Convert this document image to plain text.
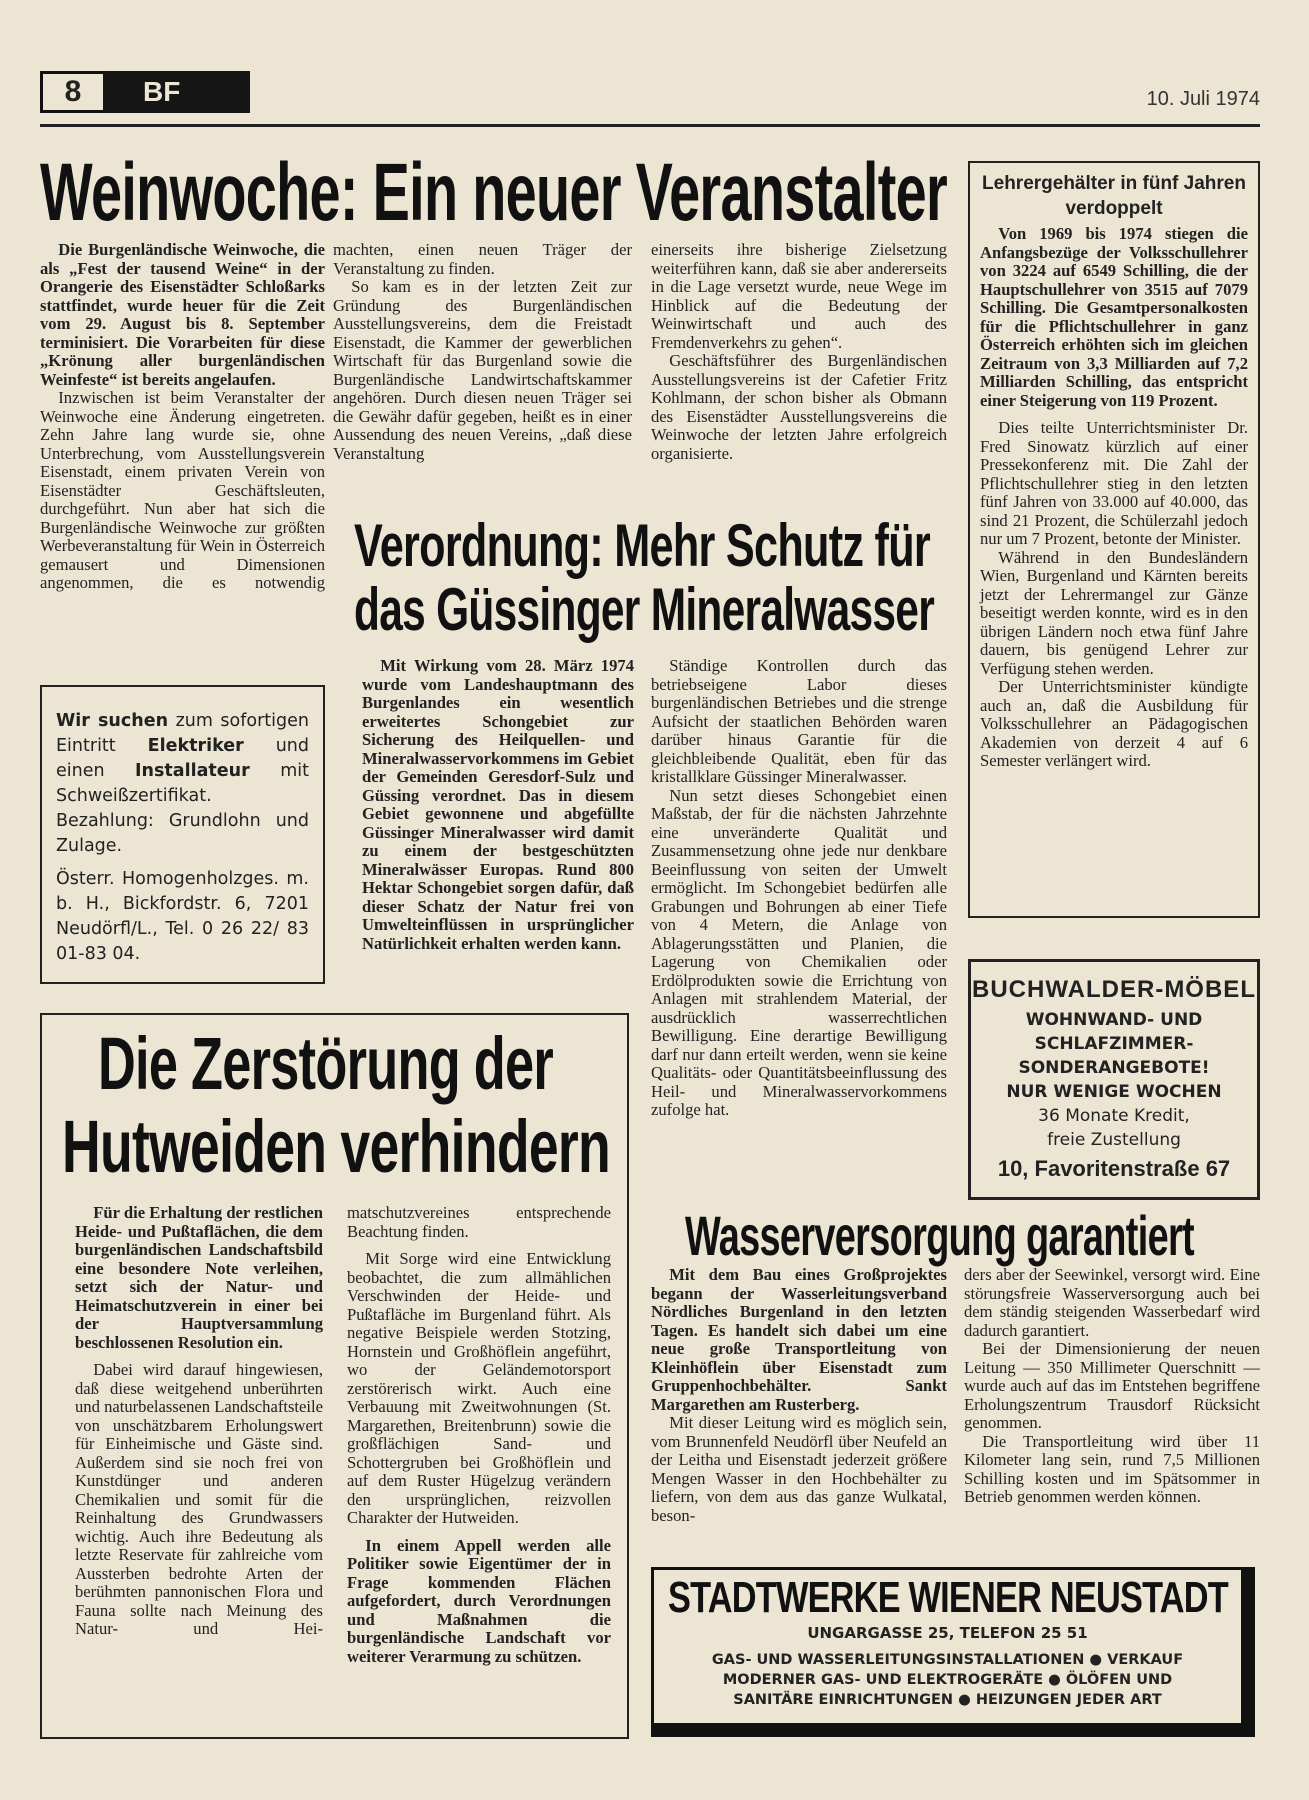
8	BF	10. Juli 1974
Weinwoche: Ein neuer Veranstalter

Die Burgenländische Weinwoche, die als „Fest der tausend Weine“ in der Orangerie des Eisenstädter Schloßarks stattfindet, wurde heuer für die Zeit vom 29. August bis 8. September terminisiert. Die Vorarbeiten für diese „Krönung aller burgenländischen Weinfeste“ ist bereits angelaufen.

Inzwischen ist beim Veranstalter der Weinwoche eine Änderung eingetreten. Zehn Jahre lang wurde sie, ohne Unterbrechung, vom Ausstellungsverein Eisenstadt, einem privaten Verein von Eisenstädter Geschäftsleuten, durchgeführt. Nun aber hat sich die Burgenländische Weinwoche zur größten Werbeveranstaltung für Wein in Österreich gemausert und Dimensionen angenommen, die es notwendig

machten, einen neuen Träger der Veranstaltung zu finden.

So kam es in der letzten Zeit zur Gründung des Burgenländischen Ausstellungsvereins, dem die Freistadt Eisenstadt, die Kammer der gewerblichen Wirtschaft für das Burgenland sowie die Burgenländische Landwirtschaftskammer angehören. Durch diesen neuen Träger sei die Gewähr dafür gegeben, heißt es in einer Aussendung des neuen Vereins, „daß diese Veranstaltung

einerseits ihre bisherige Zielsetzung weiterführen kann, daß sie aber andererseits in die Lage versetzt wurde, neue Wege im Hinblick auf die Bedeutung der Weinwirtschaft und auch des Fremdenverkehrs zu gehen“.

Geschäftsführer des Burgenländischen Ausstellungsvereins ist der Cafetier Fritz Kohlmann, der schon bisher als Obmann des Eisenstädter Ausstellungsvereins die Weinwoche der letzten Jahre erfolgreich organisierte.

Lehrergehälter in fünf Jahren verdoppelt

Von 1969 bis 1974 stiegen die Anfangsbezüge der Volksschullehrer von 3224 auf 6549 Schilling, die der Hauptschullehrer von 3515 auf 7079 Schilling. Die Gesamtpersonalkosten für die Pflichtschullehrer in ganz Österreich erhöhten sich im gleichen Zeitraum von 3,3 Milliarden auf 7,2 Milliarden Schilling, das entspricht einer Steigerung von 119 Prozent.

Dies teilte Unterrichtsminister Dr. Fred Sinowatz kürzlich auf einer Pressekonferenz mit. Die Zahl der Pflichtschullehrer stieg in den letzten fünf Jahren von 33.000 auf 40.000, das sind 21 Prozent, die Schülerzahl jedoch nur um 7 Prozent, betonte der Minister.

Während in den Bundesländern Wien, Burgenland und Kärnten bereits jetzt der Lehrermangel zur Gänze beseitigt werden konnte, wird es in den übrigen Ländern noch etwa fünf Jahre dauern, bis genügend Lehrer zur Verfügung stehen werden.

Der Unterrichtsminister kündigte auch an, daß die Ausbildung für Volksschullehrer an Pädagogischen Akademien von derzeit 4 auf 6 Semester verlängert wird.

Wir suchen zum sofortigen Eintritt Elektriker und einen Installateur mit Schweißzertifikat. Bezahlung: Grundlohn und Zulage.

Österr. Homogenholzges. m. b. H., Bickfordstr. 6, 7201 Neudörfl/L., Tel. 0 26 22/ 83 01-83 04.

Verordnung: Mehr Schutz für
das Güssinger Mineralwasser

Mit Wirkung vom 28. März 1974 wurde vom Landeshauptmann des Burgenlandes ein wesentlich erweitertes Schongebiet zur Sicherung des Heilquellen- und Mineralwasservorkommens im Gebiet der Gemeinden Geresdorf-Sulz und Güssing verordnet. Das in diesem Gebiet gewonnene und abgefüllte Güssinger Mineralwasser wird damit zu einem der bestgeschützten Mineralwässer Europas. Rund 800 Hektar Schongebiet sorgen dafür, daß dieser Schatz der Natur frei von Umwelteinflüssen in ursprünglicher Natürlichkeit erhalten werden kann.

Ständige Kontrollen durch das betriebseigene Labor dieses burgenländischen Betriebes und die strenge Aufsicht der staatlichen Behörden waren darüber hinaus Garantie für die gleichbleibende Qualität, eben für das kristallklare Güssinger Mineralwasser.

Nun setzt dieses Schongebiet einen Maßstab, der für die nächsten Jahrzehnte eine unveränderte Qualität und Zusammensetzung ohne jede nur denkbare Beeinflussung von seiten der Umwelt ermöglicht. Im Schongebiet bedürfen alle Grabungen und Bohrungen ab einer Tiefe von 4 Metern, die Anlage von Ablagerungsstätten und Planien, die Lagerung von Chemikalien oder Erdölprodukten sowie die Errichtung von Anlagen mit strahlendem Material, der ausdrücklich wasserrechtlichen Bewilligung. Eine derartige Bewilligung darf nur dann erteilt werden, wenn sie keine Qualitäts- oder Quantitätsbeeinflussung des Heil- und Mineralwasservorkommens zufolge hat.

Die Zerstörung der
Hutweiden verhindern

Für die Erhaltung der restlichen Heide- und Pußtaflächen, die dem burgenländischen Landschaftsbild eine besondere Note verleihen, setzt sich der Natur- und Heimatschutzverein in einer bei der Hauptversammlung beschlossenen Resolution ein.

Dabei wird darauf hingewiesen, daß diese weitgehend unberührten und naturbelassenen Landschaftsteile von unschätzbarem Erholungswert für Einheimische und Gäste sind. Außerdem sind sie noch frei von Kunstdünger und anderen Chemikalien und somit für die Reinhaltung des Grundwassers wichtig. Auch ihre Bedeutung als letzte Reservate für zahlreiche vom Aussterben bedrohte Arten der berühmten pannonischen Flora und Fauna sollte nach Meinung des Natur- und Hei-

matschutzvereines entsprechende Beachtung finden.

Mit Sorge wird eine Entwicklung beobachtet, die zum allmählichen Verschwinden der Heide- und Pußtafläche im Burgenland führt. Als negative Beispiele werden Stotzing, Hornstein und Großhöflein angeführt, wo der Geländemotorsport zerstörerisch wirkt. Auch eine Verbauung mit Zweitwohnungen (St. Margarethen, Breitenbrunn) sowie die großflächigen Sand- und Schottergruben bei Großhöflein und auf dem Ruster Hügelzug verändern den ursprünglichen, reizvollen Charakter der Hutweiden.

In einem Appell werden alle Politiker sowie Eigentümer der in Frage kommenden Flächen aufgefordert, durch Verordnungen und Maßnahmen die burgenländische Landschaft vor weiterer Verarmung zu schützen.

BUCHWALDER-MÖBEL
WOHNWAND- UND
SCHLAFZIMMER-
SONDERANGEBOTE!
NUR WENIGE WOCHEN
36 Monate Kredit,
freie Zustellung
10, Favoritenstraße 67
Wasserversorgung garantiert

Mit dem Bau eines Großprojektes begann der Wasserleitungsverband Nördliches Burgenland in den letzten Tagen. Es handelt sich dabei um eine neue große Transportleitung von Kleinhöflein über Eisenstadt zum Gruppenhochbehälter. Sankt Margarethen am Rusterberg.

Mit dieser Leitung wird es möglich sein, vom Brunnenfeld Neudörfl über Neufeld an der Leitha und Eisenstadt jederzeit größere Mengen Wasser in den Hochbehälter zu liefern, von dem aus das ganze Wulkatal, beson-

ders aber der Seewinkel, versorgt wird. Eine störungsfreie Wasserversorgung auch bei dem ständig steigenden Wasserbedarf wird dadurch garantiert.

Bei der Dimensionierung der neuen Leitung — 350 Millimeter Querschnitt — wurde auch auf das im Entstehen begriffene Erholungszentrum Trausdorf Rücksicht genommen.

Die Transportleitung wird über 11 Kilometer lang sein, rund 7,5 Millionen Schilling kosten und im Spätsommer in Betrieb genommen werden können.

STADTWERKE WIENER NEUSTADT
UNGARGASSE 25, TELEFON 25 51
GAS- UND WASSERLEITUNGSINSTALLATIONEN ● VERKAUF
MODERNER GAS- UND ELEKTROGERÄTE ● ÖLÖFEN UND
SANITÄRE EINRICHTUNGEN ● HEIZUNGEN JEDER ART
